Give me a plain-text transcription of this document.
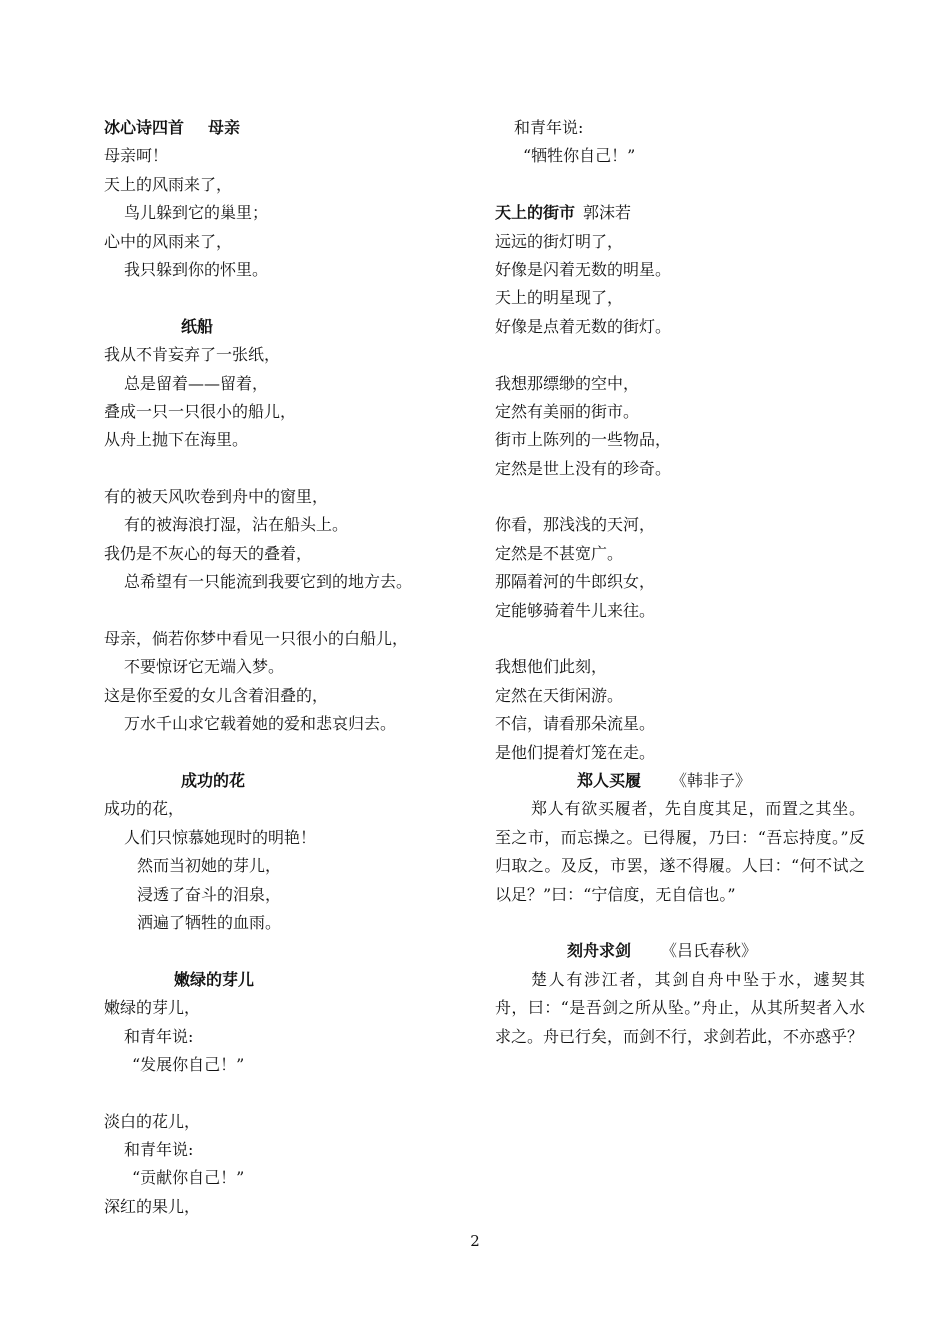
冰心诗四首 母亲
母亲呵！
天上的风雨来了，
鸟儿躲到它的巢里；
心中的风雨来了，
我只躲到你的怀里。
纸船
我从不肯妄弃了一张纸，
总是留着——留着，
叠成一只一只很小的船儿，
从舟上抛下在海里。
有的被天风吹卷到舟中的窗里，
有的被海浪打湿，沾在船头上。
我仍是不灰心的每天的叠着，
总希望有一只能流到我要它到的地方去。
母亲，倘若你梦中看见一只很小的白船儿，
不要惊讶它无端入梦。
这是你至爱的女儿含着泪叠的，
万水千山求它载着她的爱和悲哀归去。
成功的花
成功的花，
人们只惊慕她现时的明艳！
然而当初她的芽儿，
浸透了奋斗的泪泉，
洒遍了牺牲的血雨。
嫩绿的芽儿
嫩绿的芽儿，
和青年说:
“发展你自己！”
淡白的花儿，
和青年说:
“贡献你自己！”
深红的果儿，
和青年说:
“牺牲你自己！”
天上的街市 郭沫若
远远的街灯明了，
好像是闪着无数的明星。
天上的明星现了，
好像是点着无数的街灯。
我想那缥缈的空中，
定然有美丽的街市。
街市上陈列的一些物品，
定然是世上没有的珍奇。
你看，那浅浅的天河，
定然是不甚宽广。
那隔着河的牛郎织女，
定能够骑着牛儿来往。
我想他们此刻，
定然在天街闲游。
不信，请看那朵流星。
是他们提着灯笼在走。
郑人买履 《韩非子》
郑人有欲买履者，先自度其足，而置之其坐。至之市，而忘操之。已得履，乃曰：“吾忘持度。”反归取之。及反，市罢，遂不得履。人曰：“何不试之以足？”曰：“宁信度，无自信也。”
刻舟求剑 《吕氏春秋》
楚人有涉江者，其剑自舟中坠于水，遽契其舟，曰：“是吾剑之所从坠。”舟止，从其所契者入水求之。舟已行矣，而剑不行，求剑若此，不亦惑乎？
2
